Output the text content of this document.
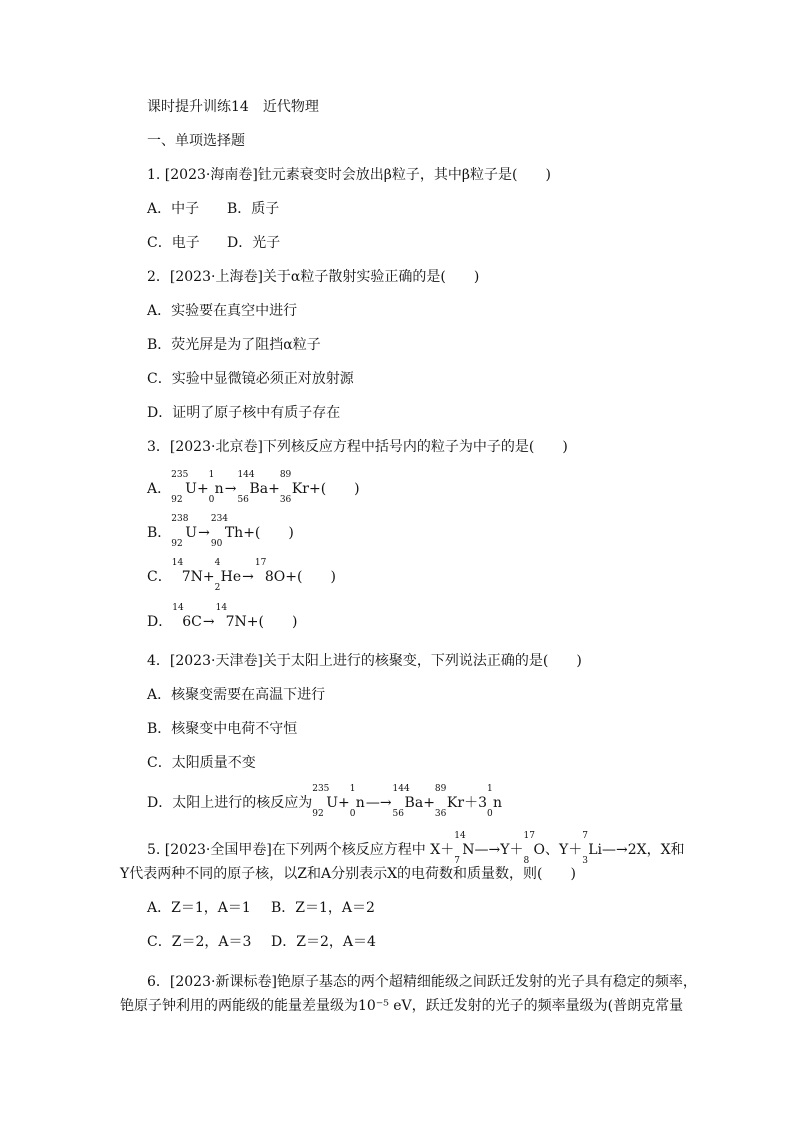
课时提升训练14　近代物理
一、单项选择题
1. [2023·海南卷]钍元素衰变时会放出β粒子，其中β粒子是(　　)
A．中子 B．质子
C．电子 D．光子
2．[2023·上海卷]关于α粒子散射实验正确的是(　　)
A．实验要在真空中进行
B．荧光屏是为了阻挡α粒子
C．实验中显微镜必须正对放射源
D．证明了原子核中有质子存在
3．[2023·北京卷]下列核反应方程中括号内的粒子为中子的是(　　)
A．
235
92
U+
1
0
n→
144
56
Ba+
89
36
Kr+(　　)
B．
238
92
U→
234
90
Th+(　　)
C．
14
7N+
4
2
He→
17
8O+(　　)
D．
14
6C→
14
7N+(　　)
4．[2023·天津卷]关于太阳上进行的核聚变，下列说法正确的是(　　)
A．核聚变需要在高温下进行
B．核聚变中电荷不守恒
C．太阳质量不变
D．太阳上进行的核反应为
235
92
U+
1
0
n—→
144
56
Ba+
89
36
Kr＋3
1
0
n
5. [2023·全国甲卷]在下列两个核反应方程中 X＋
14
7
N—→Y＋
17
8
O、Y＋
7
3
Li—→2X，X和
Y代表两种不同的原子核，以Z和A分别表示X的电荷数和质量数，则(　　)
A．Z＝1，A＝1 B．Z＝1，A＝2
C．Z＝2，A＝3 D．Z＝2，A＝4
6．[2023·新课标卷]铯原子基态的两个超精细能级之间跃迁发射的光子具有稳定的频率，
铯原子钟利用的两能级的能量差量级为10⁻⁵ eV，跃迁发射的光子的频率量级为(普朗克常量
